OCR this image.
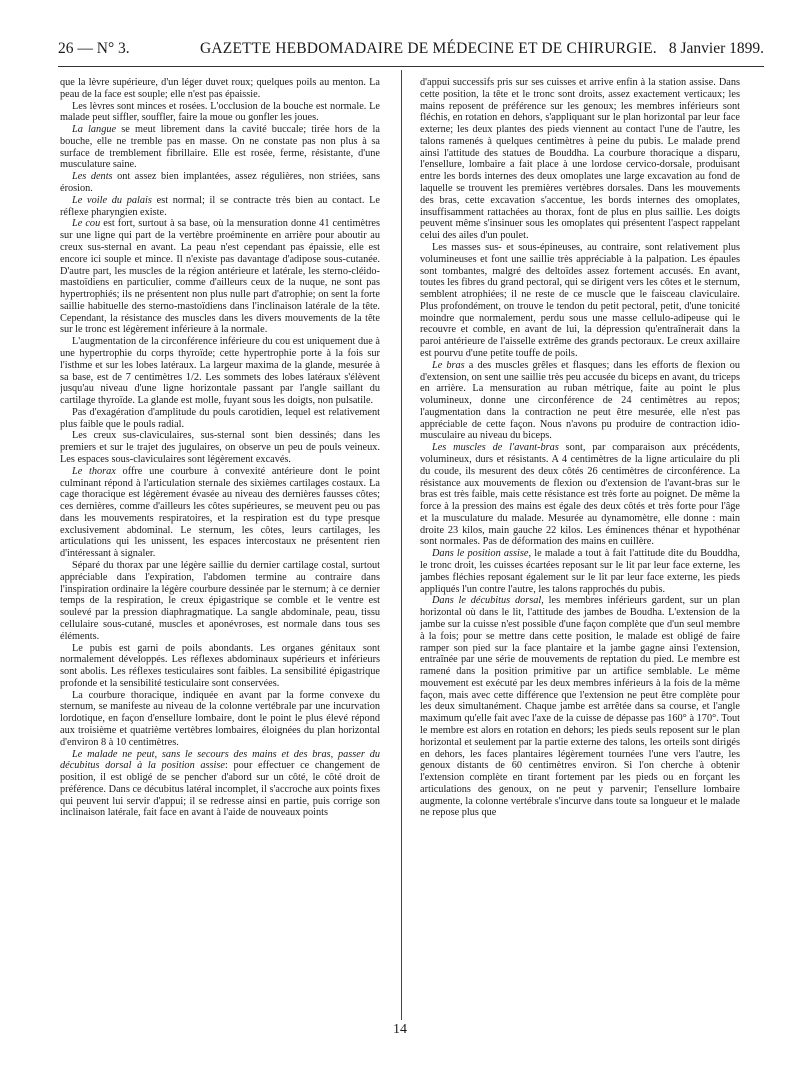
26 — N° 3.	GAZETTE HEBDOMADAIRE DE MÉDECINE ET DE CHIRURGIE. 8 Janvier 1899.

que la lèvre supérieure, d'un léger duvet roux; quelques poils au menton. La peau de la face est souple; elle n'est pas épaissie.

Les lèvres sont minces et rosées. L'occlusion de la bouche est normale. Le malade peut siffler, souffler, faire la moue ou gonfler les joues.

La langue se meut librement dans la cavité buccale; tirée hors de la bouche, elle ne tremble pas en masse. On ne constate pas non plus à sa surface de tremblement fibrillaire. Elle est rosée, ferme, résistante, d'une musculature saine.

Les dents ont assez bien implantées, assez régulières, non striées, sans érosion.

Le voile du palais est normal; il se contracte très bien au contact. Le réflexe pharyngien existe.

Le cou est fort, surtout à sa base, où la mensuration donne 41 centimètres sur une ligne qui part de la vertèbre proéminente en arrière pour aboutir au creux sus-sternal en avant. La peau n'est cependant pas épaissie, elle est encore ici souple et mince. Il n'existe pas davantage d'adipose sous-cutanée. D'autre part, les muscles de la région antérieure et latérale, les sterno-cléido-mastoïdiens en particulier, comme d'ailleurs ceux de la nuque, ne sont pas hypertrophiés; ils ne présentent non plus nulle part d'atrophie; on sent la forte saillie habituelle des sterno-mastoïdiens dans l'inclinaison latérale de la tête. Cependant, la résistance des muscles dans les divers mouvements de la tête sur le tronc est légèrement inférieure à la normale.

L'augmentation de la circonférence inférieure du cou est uniquement due à une hypertrophie du corps thyroïde; cette hypertrophie porte à la fois sur l'isthme et sur les lobes latéraux. La largeur maxima de la glande, mesurée à sa base, est de 7 centimètres 1/2. Les sommets des lobes latéraux s'élèvent jusqu'au niveau d'une ligne horizontale passant par l'angle saillant du cartilage thyroïde. La glande est molle, fuyant sous les doigts, non pulsatile.

Pas d'exagération d'amplitude du pouls carotidien, lequel est relativement plus faible que le pouls radial.

Les creux sus-claviculaires, sus-sternal sont bien dessinés; dans les premiers et sur le trajet des jugulaires, on observe un peu de pouls veineux. Les espaces sous-claviculaires sont légèrement excavés.

Le thorax offre une courbure à convexité antérieure dont le point culminant répond à l'articulation sternale des sixièmes cartilages costaux. La cage thoracique est légèrement évasée au niveau des dernières fausses côtes; ces dernières, comme d'ailleurs les côtes supérieures, se meuvent peu ou pas dans les mouvements respiratoires, et la respiration est du type presque exclusivement abdominal. Le sternum, les côtes, leurs cartilages, les articulations qui les unissent, les espaces intercostaux ne présentent rien d'intéressant à signaler.

Séparé du thorax par une légère saillie du dernier cartilage costal, surtout appréciable dans l'expiration, l'abdomen termine au contraire dans l'inspiration ordinaire la légère courbure dessinée par le sternum; à ce dernier temps de la respiration, le creux épigastrique se comble et le ventre est soulevé par la pression diaphragmatique. La sangle abdominale, peau, tissu cellulaire sous-cutané, muscles et aponévroses, est normale dans tous ses éléments.

Le pubis est garni de poils abondants. Les organes génitaux sont normalement développés. Les réflexes abdominaux supérieurs et inférieurs sont abolis. Les réflexes testiculaires sont faibles. La sensibilité épigastrique profonde et la sensibilité testiculaire sont conservées.

La courbure thoracique, indiquée en avant par la forme convexe du sternum, se manifeste au niveau de la colonne vertébrale par une incurvation lordotique, en façon d'ensellure lombaire, dont le point le plus élevé répond aux troisième et quatrième vertèbres lombaires, éloignées du plan horizontal d'environ 8 à 10 centimètres.

Le malade ne peut, sans le secours des mains et des bras, passer du décubitus dorsal à la position assise: pour effectuer ce changement de position, il est obligé de se pencher d'abord sur un côté, le côté droit de préférence. Dans ce décubitus latéral incomplet, il s'accroche aux points fixes qui peuvent lui servir d'appui; il se redresse ainsi en partie, puis corrige son inclinaison latérale, fait face en avant à l'aide de nouveaux points

d'appui successifs pris sur ses cuisses et arrive enfin à la station assise. Dans cette position, la tête et le tronc sont droits, assez exactement verticaux; les mains reposent de préférence sur les genoux; les membres inférieurs sont fléchis, en rotation en dehors, s'appliquant sur le plan horizontal par leur face externe; les deux plantes des pieds viennent au contact l'une de l'autre, les talons ramenés à quelques centimètres à peine du pubis. Le malade prend ainsi l'attitude des statues de Bouddha. La courbure thoracique a disparu, l'ensellure, lombaire a fait place à une lordose cervico-dorsale, produisant entre les bords internes des deux omoplates une large excavation au fond de laquelle se trouvent les premières vertèbres dorsales. Dans les mouvements des bras, cette excavation s'accentue, les bords internes des omoplates, insuffisamment rattachées au thorax, font de plus en plus saillie. Les doigts peuvent même s'insinuer sous les omoplates qui présentent l'aspect rappelant celui des ailes d'un poulet.

Les masses sus- et sous-épineuses, au contraire, sont relativement plus volumineuses et font une saillie très appréciable à la palpation. Les épaules sont tombantes, malgré des deltoïdes assez fortement accusés. En avant, toutes les fibres du grand pectoral, qui se dirigent vers les côtes et le sternum, semblent atrophiées; il ne reste de ce muscle que le faisceau claviculaire. Plus profondément, on trouve le tendon du petit pectoral, petit, d'une tonicité moindre que normalement, perdu sous une masse cellulo-adipeuse qui le recouvre et comble, en avant de lui, la dépression qu'entraînerait dans la paroi antérieure de l'aisselle extrême des grands pectoraux. Le creux axillaire est pourvu d'une petite touffe de poils.

Le bras a des muscles grêles et flasques; dans les efforts de flexion ou d'extension, on sent une saillie très peu accusée du biceps en avant, du triceps en arrière. La mensuration au ruban métrique, faite au point le plus volumineux, donne une circonférence de 24 centimètres au repos; l'augmentation dans la contraction ne peut être mesurée, elle n'est pas appréciable de cette façon. Nous n'avons pu produire de contraction idio-musculaire au niveau du biceps.

Les muscles de l'avant-bras sont, par comparaison aux précédents, volumineux, durs et résistants. A 4 centimètres de la ligne articulaire du pli du coude, ils mesurent des deux côtés 26 centimètres de circonférence. La résistance aux mouvements de flexion ou d'extension de l'avant-bras sur le bras est très faible, mais cette résistance est très forte au poignet. De même la force à la pression des mains est égale des deux côtés et très forte pour l'âge et la musculature du malade. Mesurée au dynamomètre, elle donne : main droite 23 kilos, main gauche 22 kilos. Les éminences thénar et hypothénar sont normales. Pas de déformation des mains en cuillère.

Dans le position assise, le malade a tout à fait l'attitude dite du Bouddha, le tronc droit, les cuisses écartées reposant sur le lit par leur face externe, les jambes fléchies reposant également sur le lit par leur face externe, les pieds appliqués l'un contre l'autre, les talons rapprochés du pubis.

Dans le décubitus dorsal, les membres inférieurs gardent, sur un plan horizontal où dans le lit, l'attitude des jambes de Boudha. L'extension de la jambe sur la cuisse n'est possible d'une façon complète que d'un seul membre à la fois; pour se mettre dans cette position, le malade est obligé de faire ramper son pied sur la face plantaire et la jambe gagne ainsi l'extension, entraînée par une série de mouvements de reptation du pied. Le membre est ramené dans la position primitive par un artifice semblable. Le même mouvement est exécuté par les deux membres inférieurs à la fois de la même façon, mais avec cette différence que l'extension ne peut être complète pour les deux simultanément. Chaque jambe est arrêtée dans sa course, et l'angle maximum qu'elle fait avec l'axe de la cuisse de dépasse pas 160° à 170°. Tout le membre est alors en rotation en dehors; les pieds seuls reposent sur le plan horizontal et seulement par la partie externe des talons, les orteils sont dirigés en dehors, les faces plantaires légèrement tournées l'une vers l'autre, les genoux distants de 60 centimètres environ. Si l'on cherche à obtenir l'extension complète en tirant fortement par les pieds ou en forçant les articulations des genoux, on ne peut y parvenir; l'ensellure lombaire augmente, la colonne vertébrale s'incurve dans toute sa longueur et le malade ne repose plus que

14
